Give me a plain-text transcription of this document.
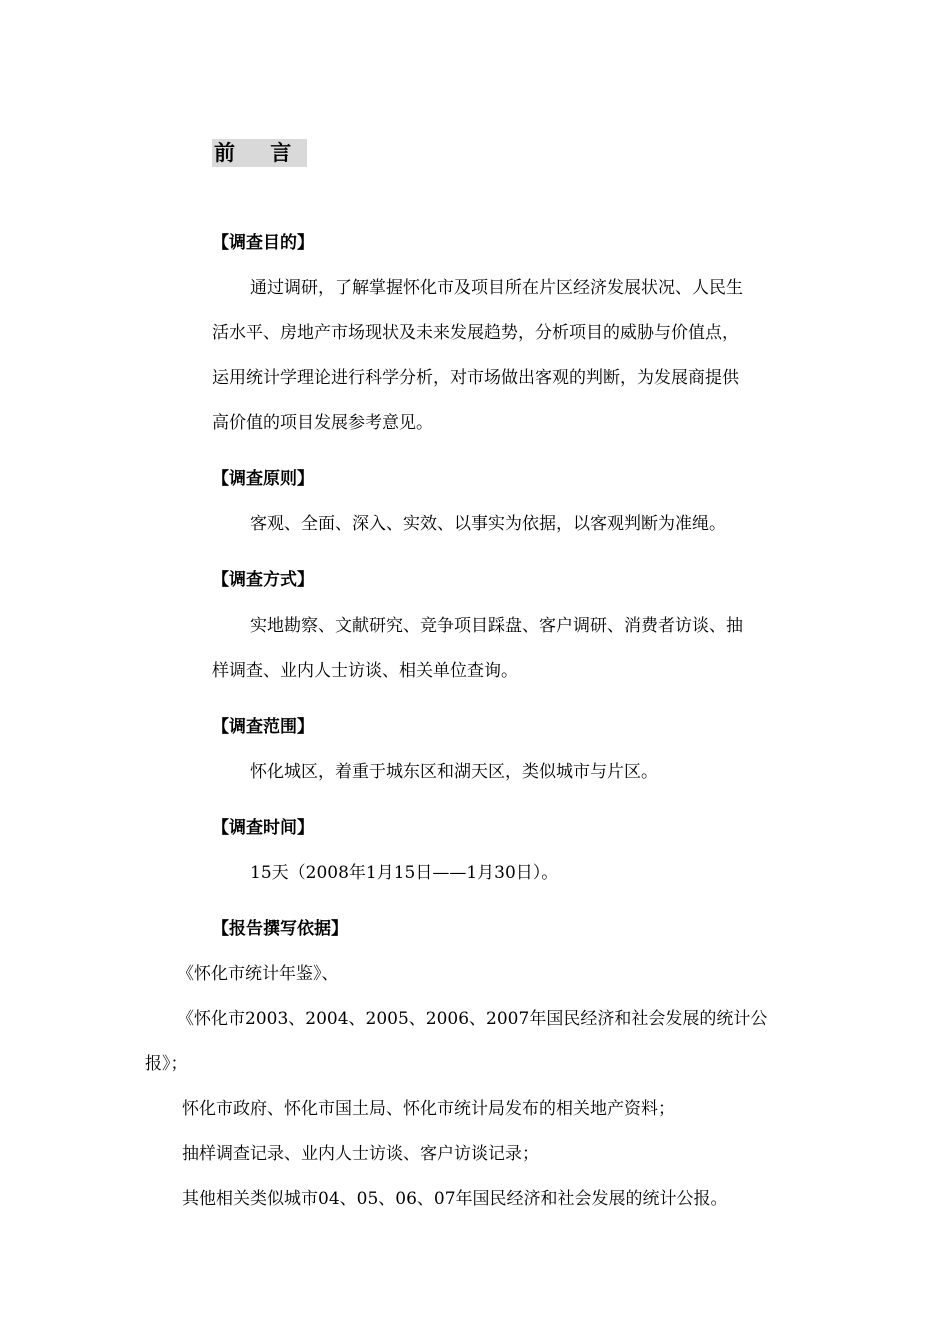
前 言
【调查目的】
通过调研，了解掌握怀化市及项目所在片区经济发展状况、人民生
活水平、房地产市场现状及未来发展趋势，分析项目的威胁与价值点，
运用统计学理论进行科学分析，对市场做出客观的判断，为发展商提供
高价值的项目发展参考意见。
【调查原则】
客观、全面、深入、实效、以事实为依据，以客观判断为准绳。
【调查方式】
实地勘察、文献研究、竞争项目踩盘、客户调研、消费者访谈、抽
样调查、业内人士访谈、相关单位查询。
【调查范围】
怀化城区，着重于城东区和湖天区，类似城市与片区。
【调查时间】
15天（2008年1月15日——1月30日）。
【报告撰写依据】
《怀化市统计年鉴》、
《怀化市2003、2004、2005、2006、2007年国民经济和社会发展的统计公
报》；
怀化市政府、怀化市国土局、怀化市统计局发布的相关地产资料；
抽样调查记录、业内人士访谈、客户访谈记录；
其他相关类似城市04、05、06、07年国民经济和社会发展的统计公报。
